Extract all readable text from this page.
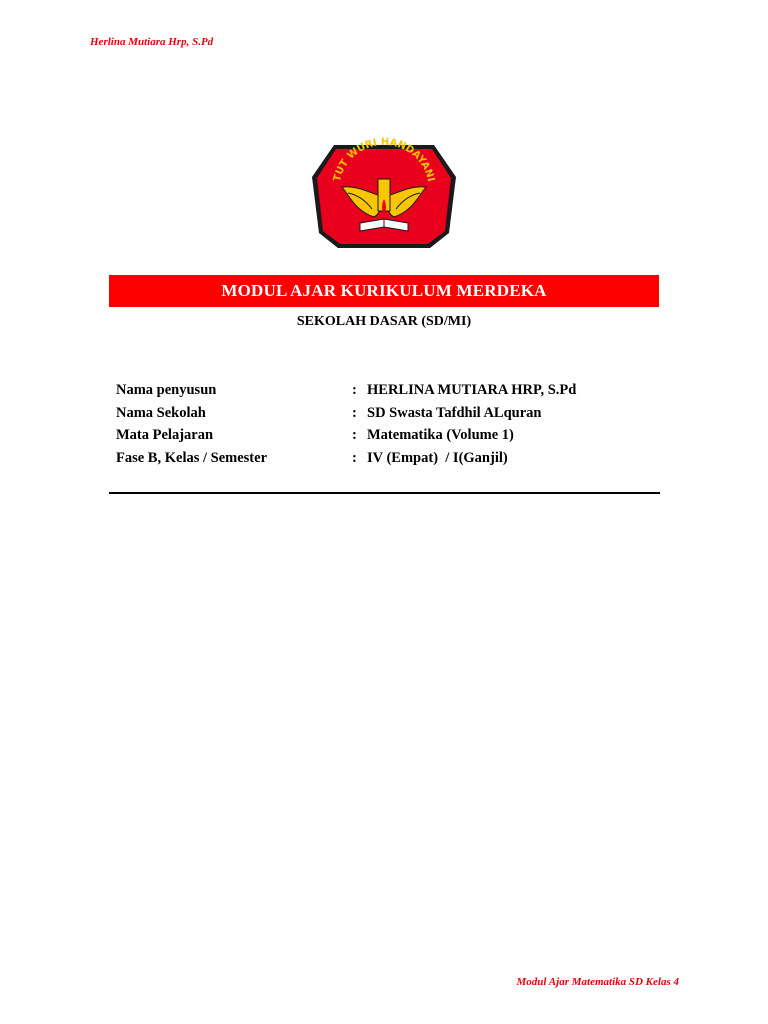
Herlina Mutiara Hrp, S.Pd
TUT WURI HANDAYANI
MODUL AJAR KURIKULUM MERDEKA
SEKOLAH DASAR (SD/MI)
Nama penyusun	: HERLINA MUTIARA HRP, S.Pd
Nama Sekolah	: SD Swasta Tafdhil ALquran
Mata Pelajaran	: Matematika (Volume 1)
Fase B, Kelas / Semester	: IV (Empat)  / I(Ganjil)
Modul Ajar Matematika SD Kelas 4
